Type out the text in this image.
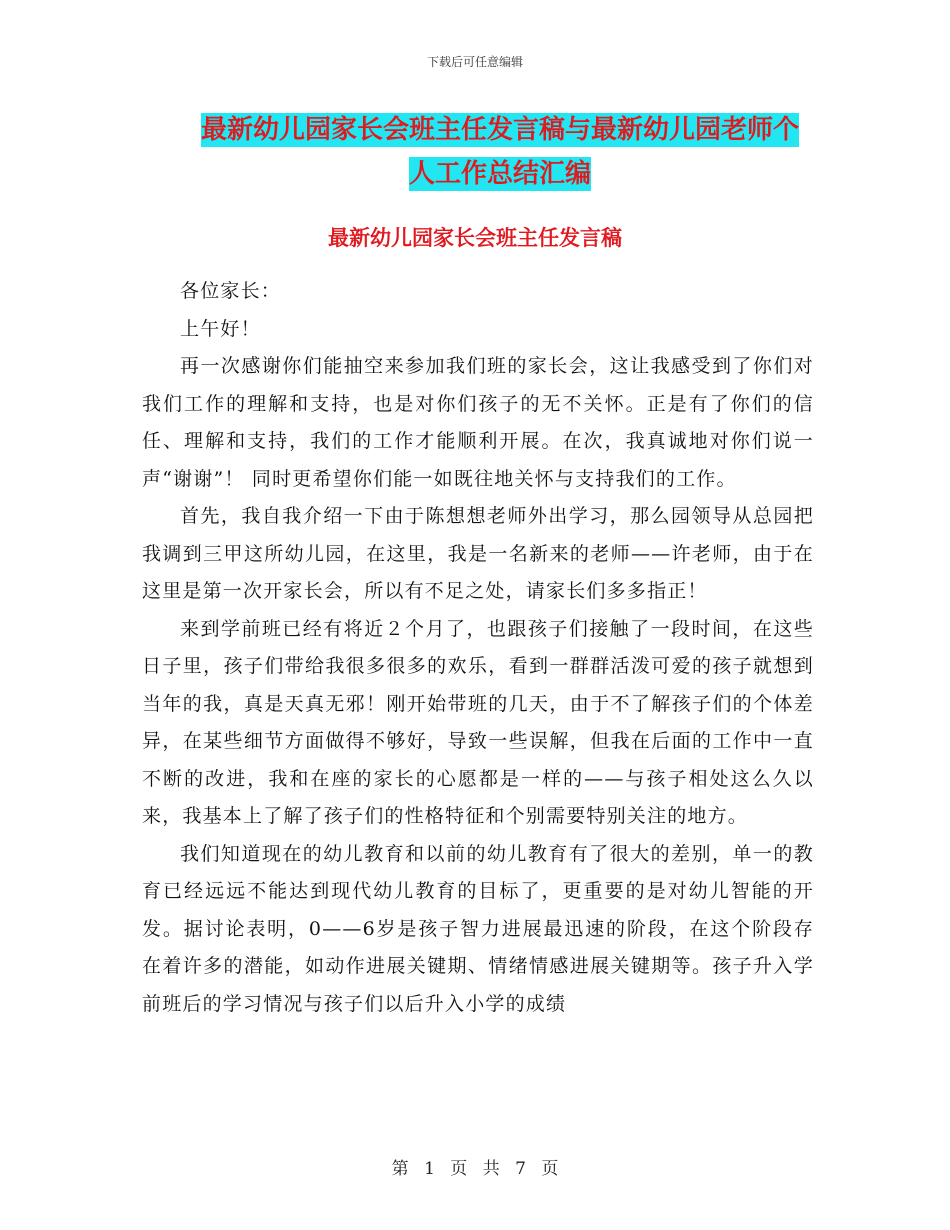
下载后可任意编辑
最新幼儿园家长会班主任发言稿与最新幼儿园老师个
人工作总结汇编
最新幼儿园家长会班主任发言稿

各位家长：

上午好！

再一次感谢你们能抽空来参加我们班的家长会，这让我感受到了你们对我们工作的理解和支持，也是对你们孩子的无不关怀。正是有了你们的信任、理解和支持，我们的工作才能顺利开展。在次，我真诚地对你们说一声“谢谢”！ 同时更希望你们能一如既往地关怀与支持我们的工作。

首先，我自我介绍一下由于陈想想老师外出学习，那么园领导从总园把我调到三甲这所幼儿园，在这里，我是一名新来的老师——许老师，由于在这里是第一次开家长会，所以有不足之处，请家长们多多指正！

来到学前班已经有将近２个月了，也跟孩子们接触了一段时间，在这些日子里，孩子们带给我很多很多的欢乐，看到一群群活泼可爱的孩子就想到当年的我，真是天真无邪！刚开始带班的几天，由于不了解孩子们的个体差异，在某些细节方面做得不够好，导致一些误解，但我在后面的工作中一直不断的改进，我和在座的家长的心愿都是一样的——与孩子相处这么久以来，我基本上了解了孩子们的性格特征和个别需要特别关注的地方。

我们知道现在的幼儿教育和以前的幼儿教育有了很大的差别，单一的教育已经远远不能达到现代幼儿教育的目标了，更重要的是对幼儿智能的开发。据讨论表明，0——6岁是孩子智力进展最迅速的阶段，在这个阶段存在着许多的潜能，如动作进展关键期、情绪情感进展关键期等。孩子升入学前班后的学习情况与孩子们以后升入小学的成绩

第 1 页 共 7 页
